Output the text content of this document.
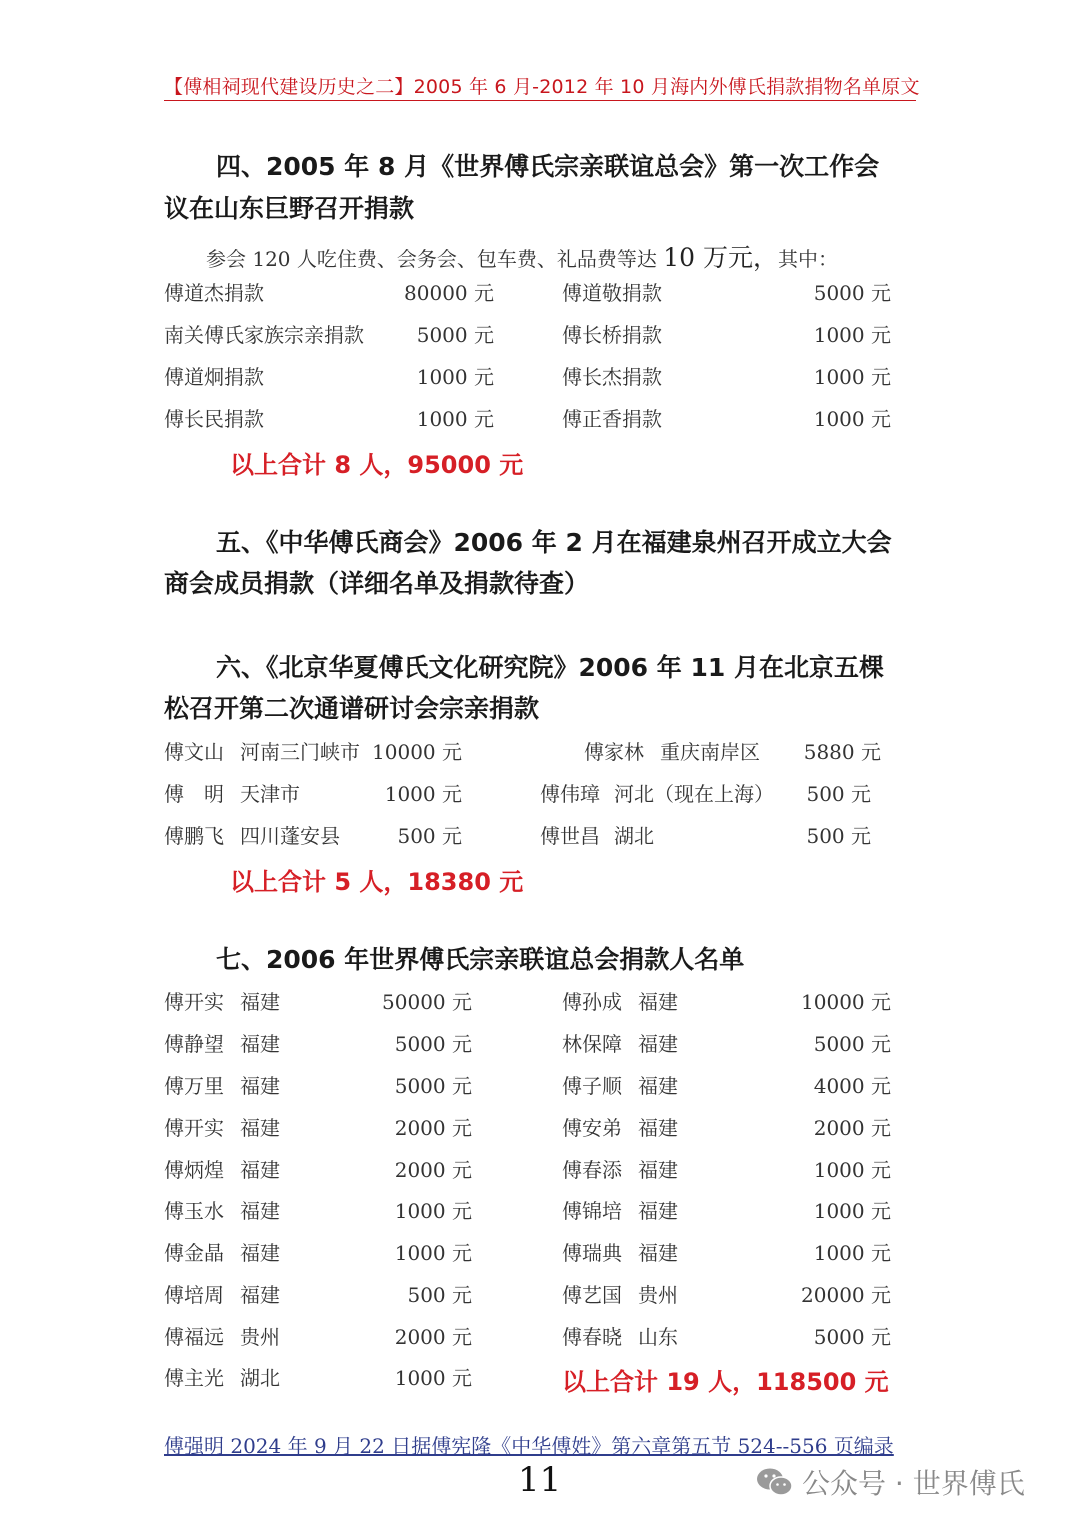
【傅相祠现代建设历史之二】2005 年 6 月-2012 年 10 月海内外傅氏捐款捐物名单原文
四、2005 年 8 月《世界傅氏宗亲联谊总会》第一次工作会
议在山东巨野召开捐款
参会 120 人吃住费、会务会、包车费、礼品费等达 10 万元，其中：
傅道杰捐款	80000 元	傅道敬捐款	5000 元
南关傅氏家族宗亲捐款	5000 元	傅长桥捐款	1000 元
傅道炯捐款	1000 元	傅长杰捐款	1000 元
傅长民捐款	1000 元	傅正香捐款	1000 元
以上合计 8 人，95000 元
五、《中华傅氏商会》2006 年 2 月在福建泉州召开成立大会
商会成员捐款（详细名单及捐款待查）
六、《北京华夏傅氏文化研究院》2006 年 11 月在北京五棵
松召开第二次通谱研讨会宗亲捐款
傅文山 河南三门峡市 10000 元	傅家林 重庆南岸区	5880 元
傅　明 天津市	1000 元	傅伟璋 河北（现在上海）	500 元
傅鹏飞 四川蓬安县	500 元	傅世昌 湖北	500 元
以上合计 5 人，18380 元
七、2006 年世界傅氏宗亲联谊总会捐款人名单
傅开实 福建	50000 元	傅孙成 福建	10000 元
傅静望 福建	5000 元	林保障 福建	5000 元
傅万里 福建	5000 元	傅子顺 福建	4000 元
傅开实 福建	2000 元	傅安弟 福建	2000 元
傅炳煌 福建	2000 元	傅春添 福建	1000 元
傅玉水 福建	1000 元	傅锦培 福建	1000 元
傅金晶 福建	1000 元	傅瑞典 福建	1000 元
傅培周 福建	500 元	傅艺国 贵州	20000 元
傅福远 贵州	2000 元	傅春晓 山东	5000 元
傅主光 湖北	1000 元	以上合计 19 人，118500 元
傅强明 2024 年 9 月 22 日据傅宪隆《中华傅姓》第六章第五节 524--556 页编录
11	公众号 · 世界傅氏
